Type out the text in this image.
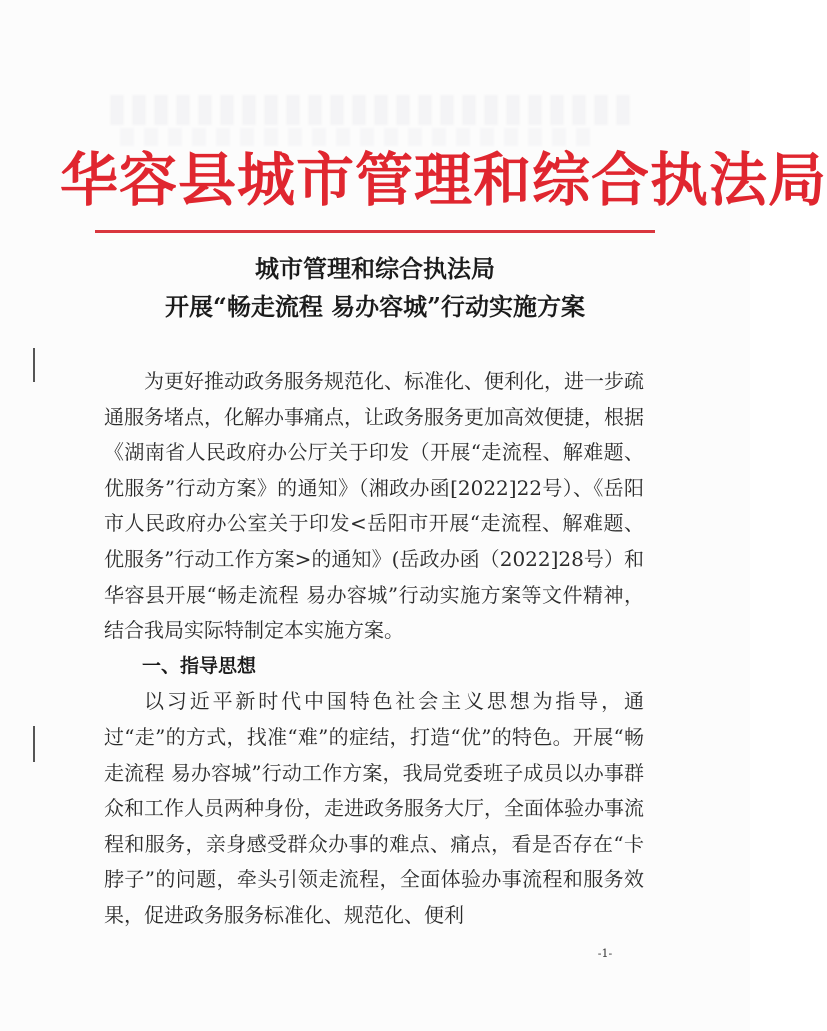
华容县城市管理和综合执法局
城市管理和综合执法局
开展“畅走流程 易办容城”行动实施方案

为更好推动政务服务规范化、标准化、便利化，进一步疏通服务堵点，化解办事痛点，让政务服务更加高效便捷，根据《湖南省人民政府办公厅关于印发（开展“走流程、解难题、优服务”行动方案》的通知》（湘政办函[2022]22号）、《岳阳市人民政府办公室关于印发<岳阳市开展“走流程、解难题、优服务”行动工作方案>的通知》(岳政办函（2022]28号）和华容县开展“畅走流程 易办容城”行动实施方案等文件精神，结合我局实际特制定本实施方案。

一、指导思想

以习近平新时代中国特色社会主义思想为指导，通过“走”的方式，找准“难”的症结，打造“优”的特色。开展“畅走流程 易办容城”行动工作方案，我局党委班子成员以办事群众和工作人员两种身份，走进政务服务大厅，全面体验办事流程和服务，亲身感受群众办事的难点、痛点，看是否存在“卡脖子”的问题，牵头引领走流程，全面体验办事流程和服务效果，促进政务服务标准化、规范化、便利

-1-
